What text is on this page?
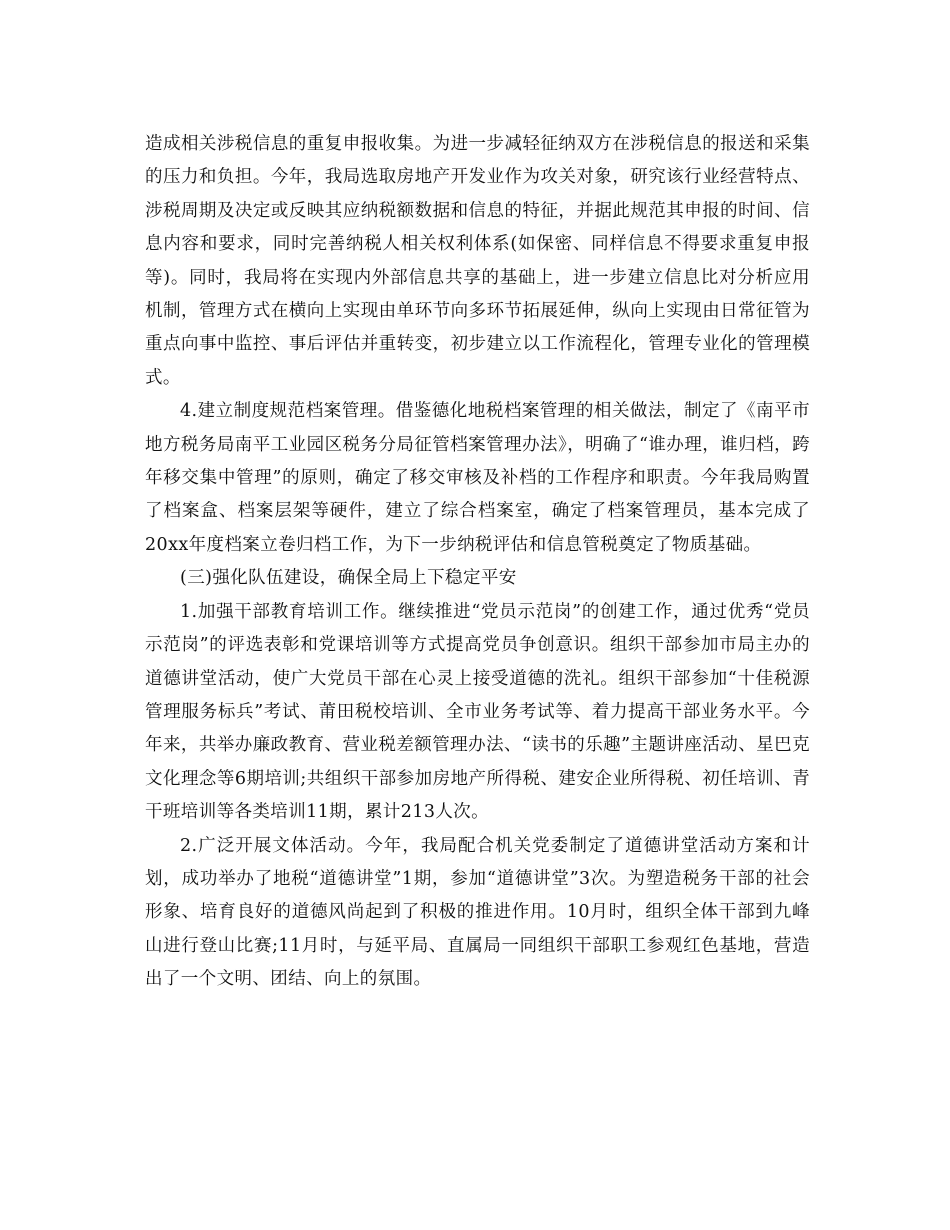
造成相关涉税信息的重复申报收集。为进一步减轻征纳双方在涉税信息的报送和采集的压力和负担。今年，我局选取房地产开发业作为攻关对象，研究该行业经营特点、涉税周期及决定或反映其应纳税额数据和信息的特征，并据此规范其申报的时间、信息内容和要求，同时完善纳税人相关权利体系(如保密、同样信息不得要求重复申报等)。同时，我局将在实现内外部信息共享的基础上，进一步建立信息比对分析应用机制，管理方式在横向上实现由单环节向多环节拓展延伸，纵向上实现由日常征管为重点向事中监控、事后评估并重转变，初步建立以工作流程化，管理专业化的管理模式。

4.建立制度规范档案管理。借鉴德化地税档案管理的相关做法，制定了《南平市地方税务局南平工业园区税务分局征管档案管理办法》，明确了“谁办理，谁归档，跨年移交集中管理”的原则，确定了移交审核及补档的工作程序和职责。今年我局购置了档案盒、档案层架等硬件，建立了综合档案室，确定了档案管理员，基本完成了20xx年度档案立卷归档工作，为下一步纳税评估和信息管税奠定了物质基础。

(三)强化队伍建设，确保全局上下稳定平安

1.加强干部教育培训工作。继续推进“党员示范岗”的创建工作，通过优秀“党员示范岗”的评选表彰和党课培训等方式提高党员争创意识。组织干部参加市局主办的道德讲堂活动，使广大党员干部在心灵上接受道德的洗礼。组织干部参加“十佳税源管理服务标兵”考试、莆田税校培训、全市业务考试等、着力提高干部业务水平。今年来，共举办廉政教育、营业税差额管理办法、“读书的乐趣”主题讲座活动、星巴克文化理念等6期培训;共组织干部参加房地产所得税、建安企业所得税、初任培训、青干班培训等各类培训11期，累计213人次。

2.广泛开展文体活动。今年，我局配合机关党委制定了道德讲堂活动方案和计划，成功举办了地税“道德讲堂”1期，参加“道德讲堂”3次。为塑造税务干部的社会形象、培育良好的道德风尚起到了积极的推进作用。10月时，组织全体干部到九峰山进行登山比赛;11月时，与延平局、直属局一同组织干部职工参观红色基地，营造出了一个文明、团结、向上的氛围。
